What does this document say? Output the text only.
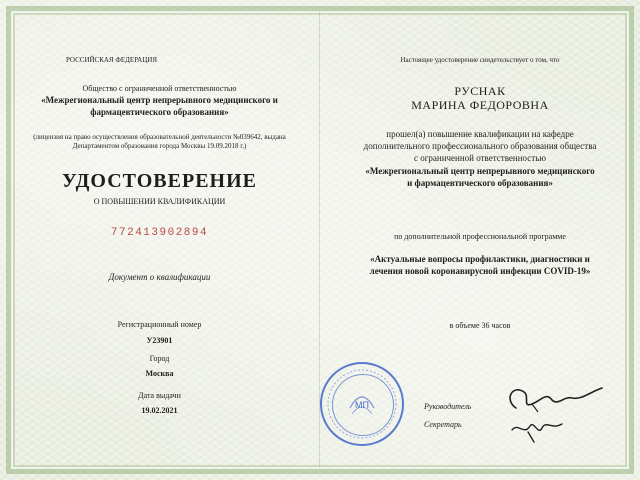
РОССИЙСКАЯ ФЕДЕРАЦИЯ
Общество с ограниченной ответственностью
«Межрегиональный центр непрерывного медицинского и
фармацевтического образования»
(лицензия на право осуществления образовательной деятельности №039642, выдана
Департаментом образования города Москвы 19.09.2018 г.)
УДОСТОВЕРЕНИЕ
О ПОВЫШЕНИИ КВАЛИФИКАЦИИ
772413902894
Документ о квалификации
Регистрационный номер
У23901
Город
Москва
Дата выдачи
19.02.2021
Настоящее удостоверение свидетельствует о том, что
РУСНАК
МАРИНА ФЕДОРОВНА
прошел(а) повышение квалификации на кафедре
дополнительного профессионального образования общества
с ограниченной ответственностью
«Межрегиональный центр непрерывного медицинского
и фармацевтического образования»
по дополнительной профессиональной программе
«Актуальные вопросы профилактики, диагностики и
лечения новой коронавирусной инфекции COVID-19»
в объеме 36 часов
МП	Руководитель
Секретарь
